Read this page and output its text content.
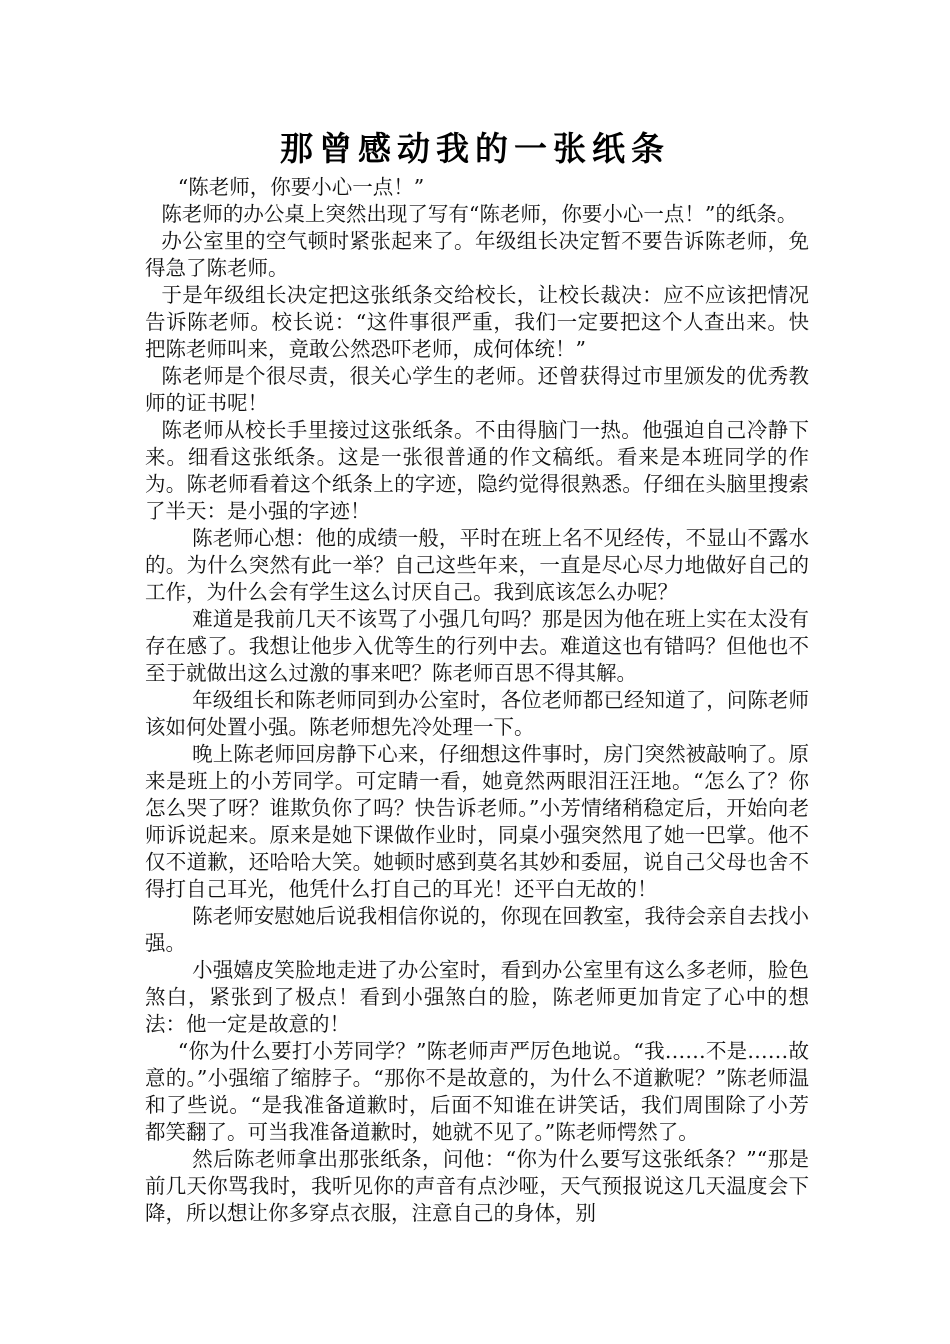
那曾感动我的一张纸条

“陈老师，你要小心一点！”

陈老师的办公桌上突然出现了写有“陈老师，你要小心一点！”的纸条。

办公室里的空气顿时紧张起来了。年级组长决定暂不要告诉陈老师，免得急了陈老师。

于是年级组长决定把这张纸条交给校长，让校长裁决：应不应该把情况告诉陈老师。校长说：“这件事很严重，我们一定要把这个人查出来。快把陈老师叫来，竟敢公然恐吓老师，成何体统！”

陈老师是个很尽责，很关心学生的老师。还曾获得过市里颁发的优秀教师的证书呢！

陈老师从校长手里接过这张纸条。不由得脑门一热。他强迫自己冷静下来。细看这张纸条。这是一张很普通的作文稿纸。看来是本班同学的作为。陈老师看着这个纸条上的字迹，隐约觉得很熟悉。仔细在头脑里搜索了半天：是小强的字迹！

陈老师心想：他的成绩一般，平时在班上名不见经传，不显山不露水的。为什么突然有此一举？自己这些年来，一直是尽心尽力地做好自己的工作，为什么会有学生这么讨厌自己。我到底该怎么办呢？

难道是我前几天不该骂了小强几句吗？那是因为他在班上实在太没有存在感了。我想让他步入优等生的行列中去。难道这也有错吗？但他也不至于就做出这么过激的事来吧？陈老师百思不得其解。

年级组长和陈老师同到办公室时，各位老师都已经知道了，问陈老师该如何处置小强。陈老师想先冷处理一下。

晚上陈老师回房静下心来，仔细想这件事时，房门突然被敲响了。原来是班上的小芳同学。可定睛一看，她竟然两眼泪汪汪地。“怎么了？你怎么哭了呀？谁欺负你了吗？快告诉老师。”小芳情绪稍稳定后，开始向老师诉说起来。原来是她下课做作业时，同桌小强突然甩了她一巴掌。他不仅不道歉，还哈哈大笑。她顿时感到莫名其妙和委屈，说自己父母也舍不得打自己耳光，他凭什么打自己的耳光！还平白无故的！

陈老师安慰她后说我相信你说的，你现在回教室，我待会亲自去找小强。

小强嬉皮笑脸地走进了办公室时，看到办公室里有这么多老师，脸色煞白，紧张到了极点！看到小强煞白的脸，陈老师更加肯定了心中的想法：他一定是故意的！

“你为什么要打小芳同学？”陈老师声严厉色地说。“我……不是……故意的。”小强缩了缩脖子。“那你不是故意的，为什么不道歉呢？”陈老师温和了些说。“是我准备道歉时，后面不知谁在讲笑话，我们周围除了小芳都笑翻了。可当我准备道歉时，她就不见了。”陈老师愕然了。

然后陈老师拿出那张纸条，问他：“你为什么要写这张纸条？”“那是前几天你骂我时，我听见你的声音有点沙哑，天气预报说这几天温度会下降，所以想让你多穿点衣服，注意自己的身体，别
